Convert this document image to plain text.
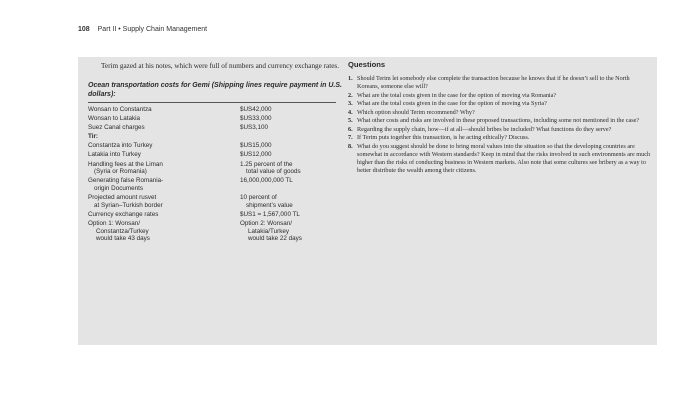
108 Part II • Supply Chain Management

Terim gazed at his notes, which were full of numbers and currency exchange rates.

Ocean transportation costs for Gemi (Shipping lines require payment in U.S. dollars):
Wonsan to Constantza	$US42,000

Wonsan to Latakia	$US33,000

Suez Canal charges	$US3,100

Tir:	

Constantza into Turkey	$US15,000

Latakia into Turkey	$US12,000

Handling fees at the Liman
(Syria or Romania)	1.25 percent of the
total value of goods

Generating false Romania-
origin Documents	16,000,000,000 TL

Projected amount rusvet
at Syrian–Turkish border	10 percent of
shipment’s value

Currency exchange rates	$US1 = 1,567,000 TL

Option 1: Wonsan/
Constantza/Turkey
would take 43 days	Option 2: Wonsan/
Latakia/Turkey
would take 22 days
Questions
1. Should Terim let somebody else complete the transaction because he knows that if he doesn’t sell to the North Koreans, someone else will?
2. What are the total costs given in the case for the option of moving via Romania?
3. What are the total costs given in the case for the option of moving via Syria?
4. Which option should Terim recommend? Why?
5. What other costs and risks are involved in these proposed transactions, including some not mentioned in the case?
6. Regarding the supply chain, how—if at all—should bribes be included? What functions do they serve?
7. If Terim puts together this transaction, is he acting ethically? Discuss.
8. What do you suggest should be done to bring moral values into the situation so that the developing countries are somewhat in accordance with Western standards? Keep in mind that the risks involved in such environments are much higher than the risks of conducting business in Western markets. Also note that some cultures see bribery as a way to better distribute the wealth among their citizens.
